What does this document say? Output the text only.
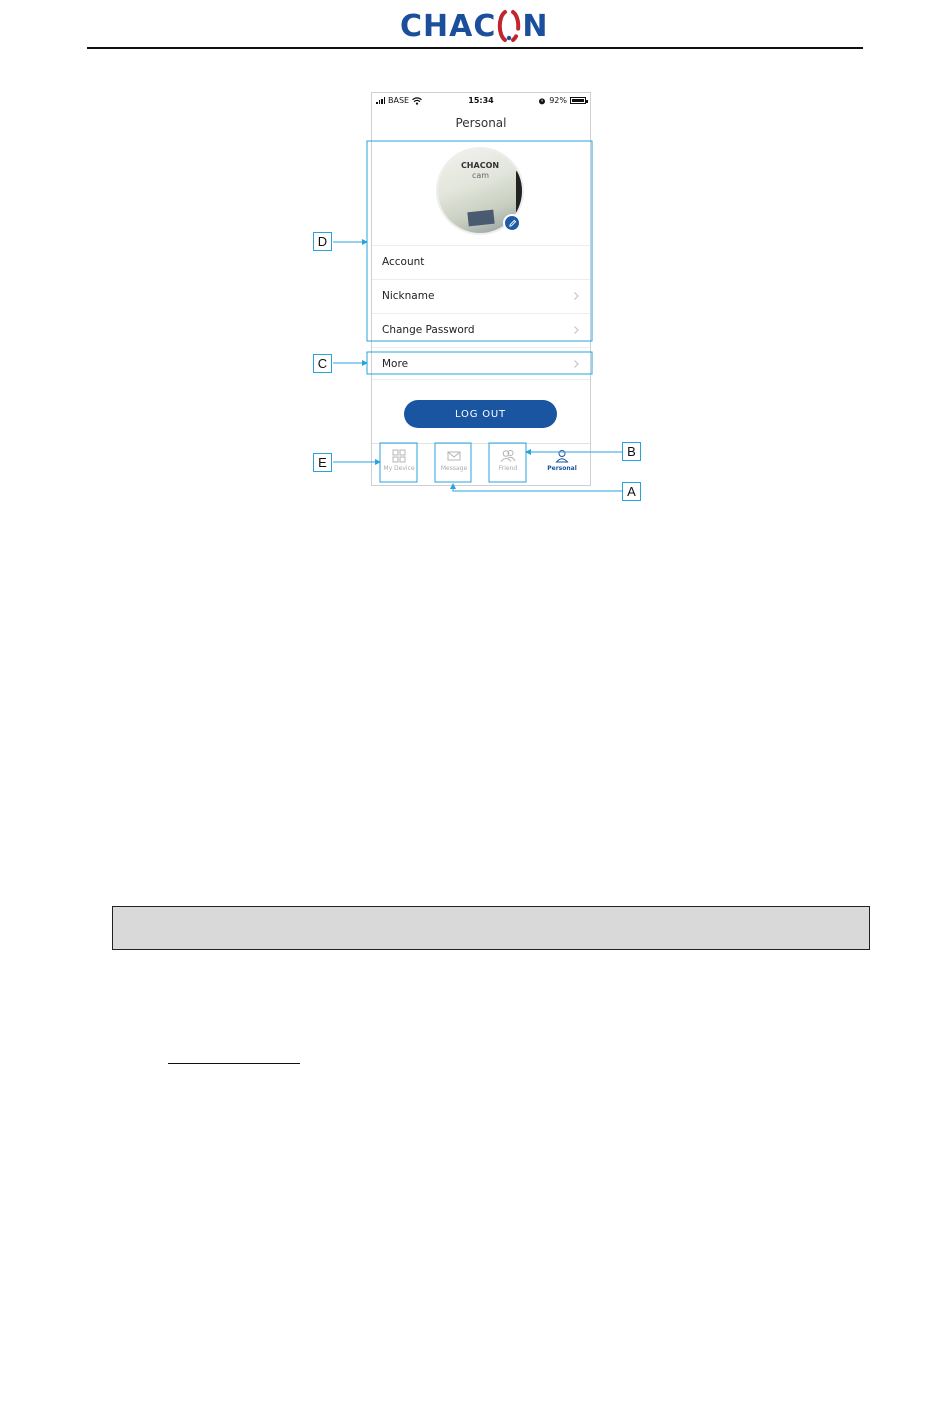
CHAC N
BASE	15:34	92%
Personal
CHACON
cam
Account
Nickname
Change Password
More
LOG OUT
My Device	Message	Friend	Personal
D
C
E
B
A
